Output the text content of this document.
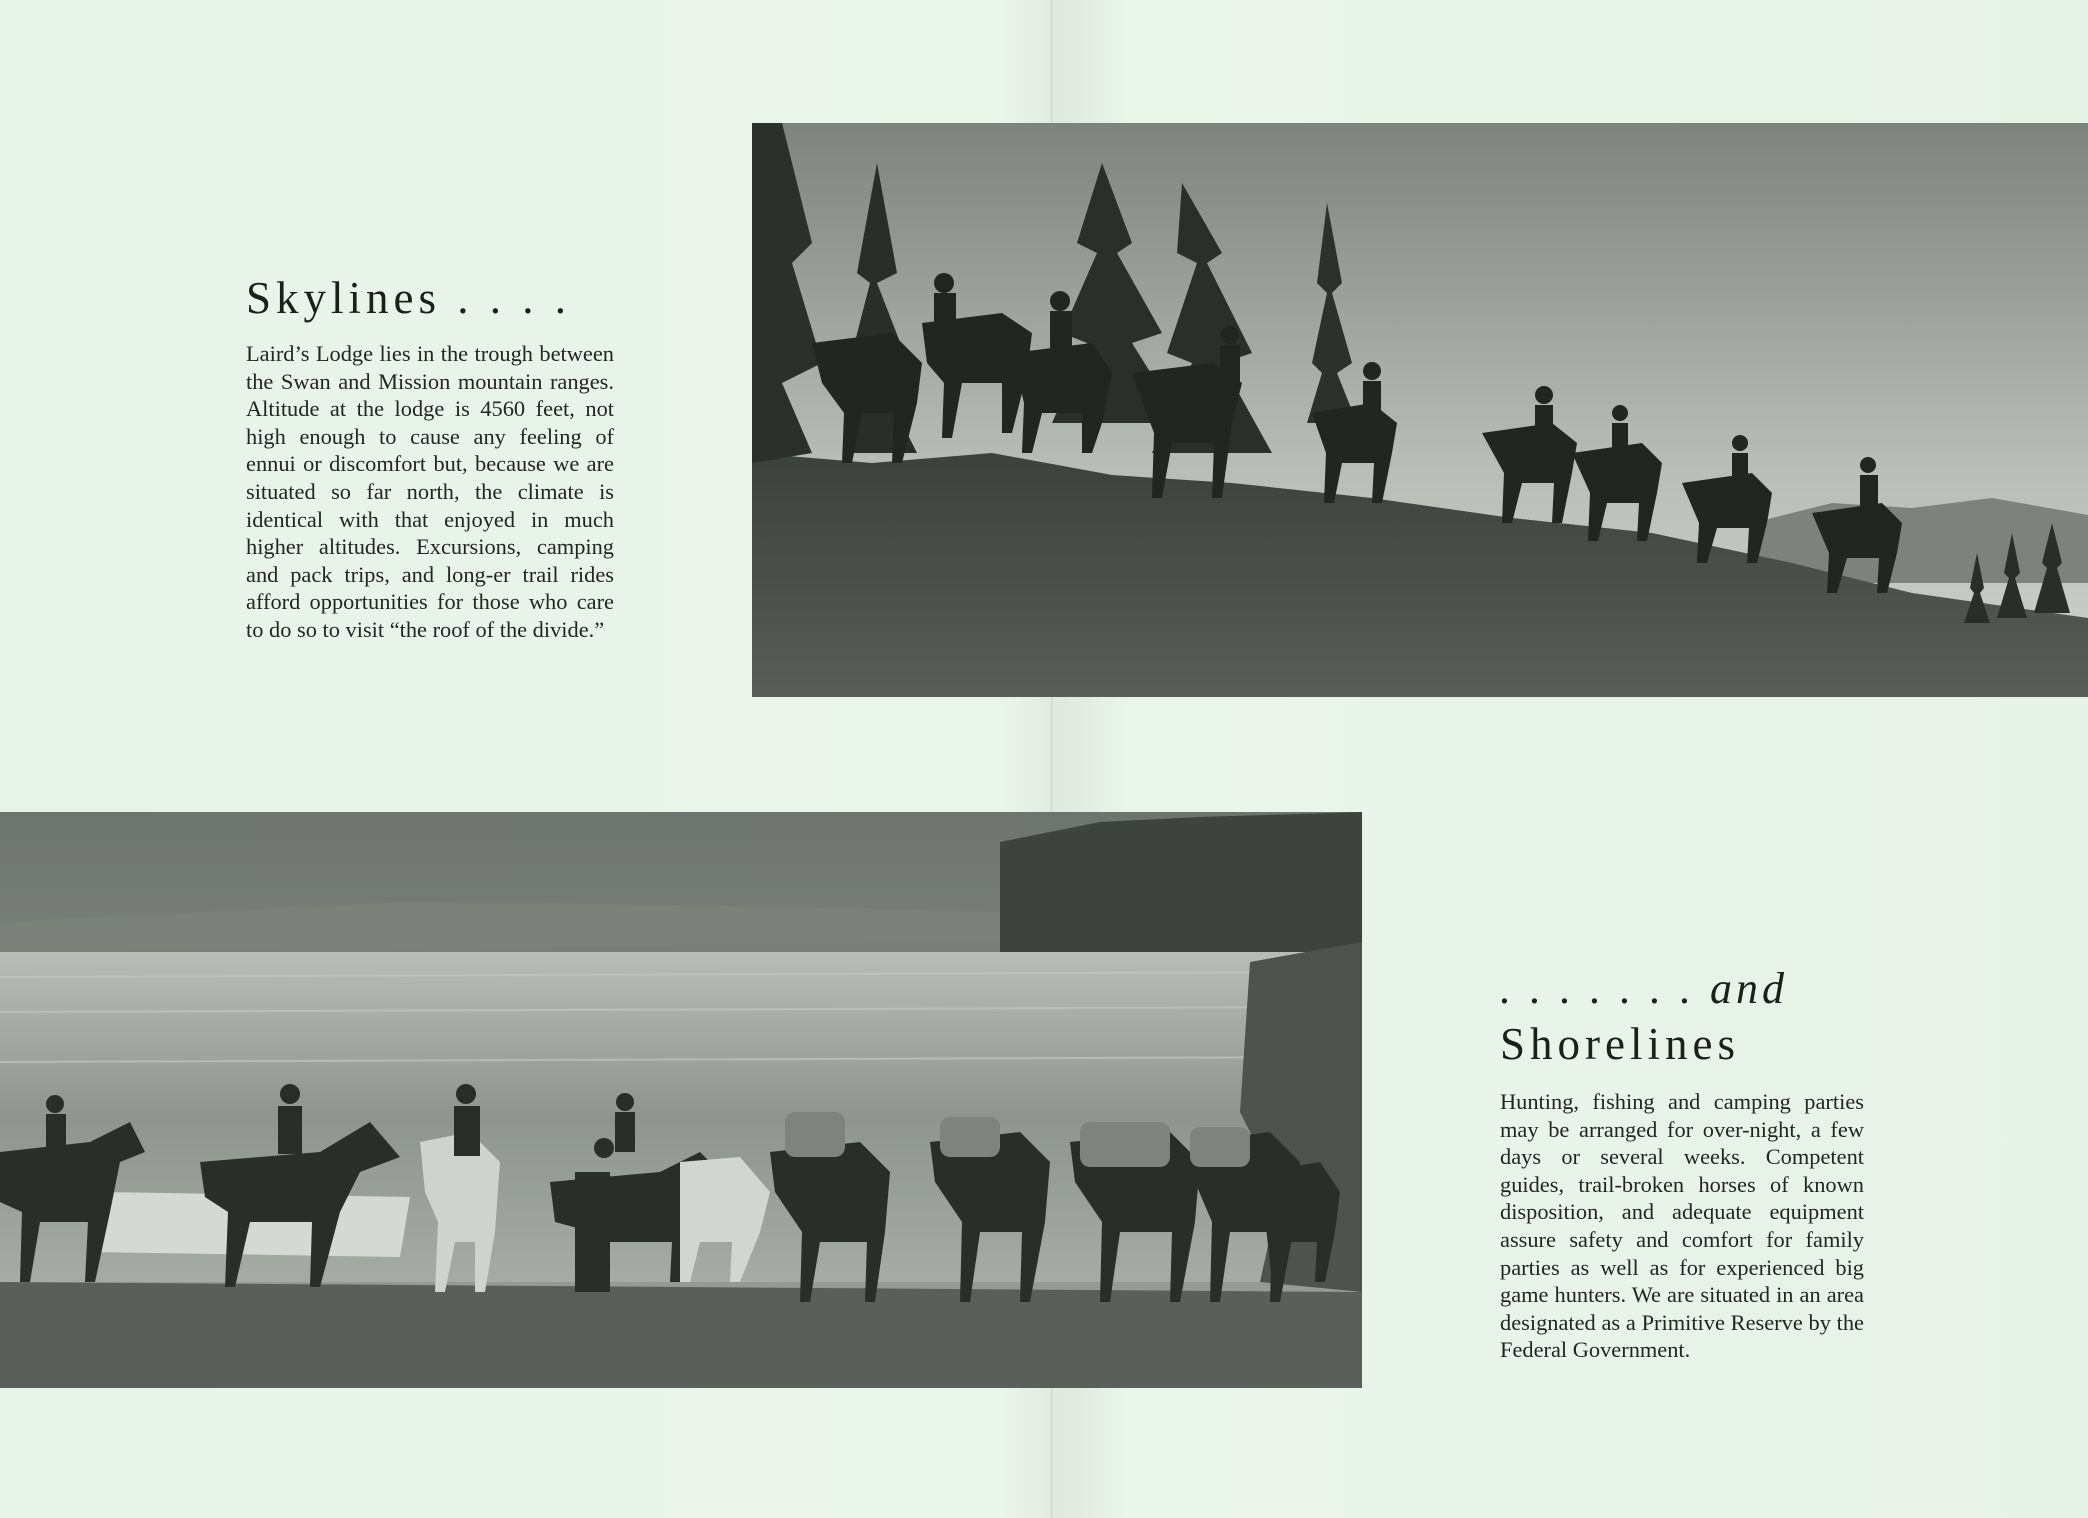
Skylines . . . .

Laird’s Lodge lies in the trough between the Swan and Mission mountain ranges. Altitude at the lodge is 4560 feet, not high enough to cause any feeling of ennui or discomfort but, because we are situated so far north, the climate is identical with that enjoyed in much higher altitudes. Excursions, camping and pack trips, and long-er trail rides afford opportunities for those who care to do so to visit “the roof of the divide.”

. . . . . . . and
Shorelines

Hunting, fishing and camping parties may be arranged for over-night, a few days or several weeks. Competent guides, trail-broken horses of known disposition, and adequate equipment assure safety and comfort for family parties as well as for experienced big game hunters. We are situated in an area designated as a Primitive Reserve by the Federal Government.
